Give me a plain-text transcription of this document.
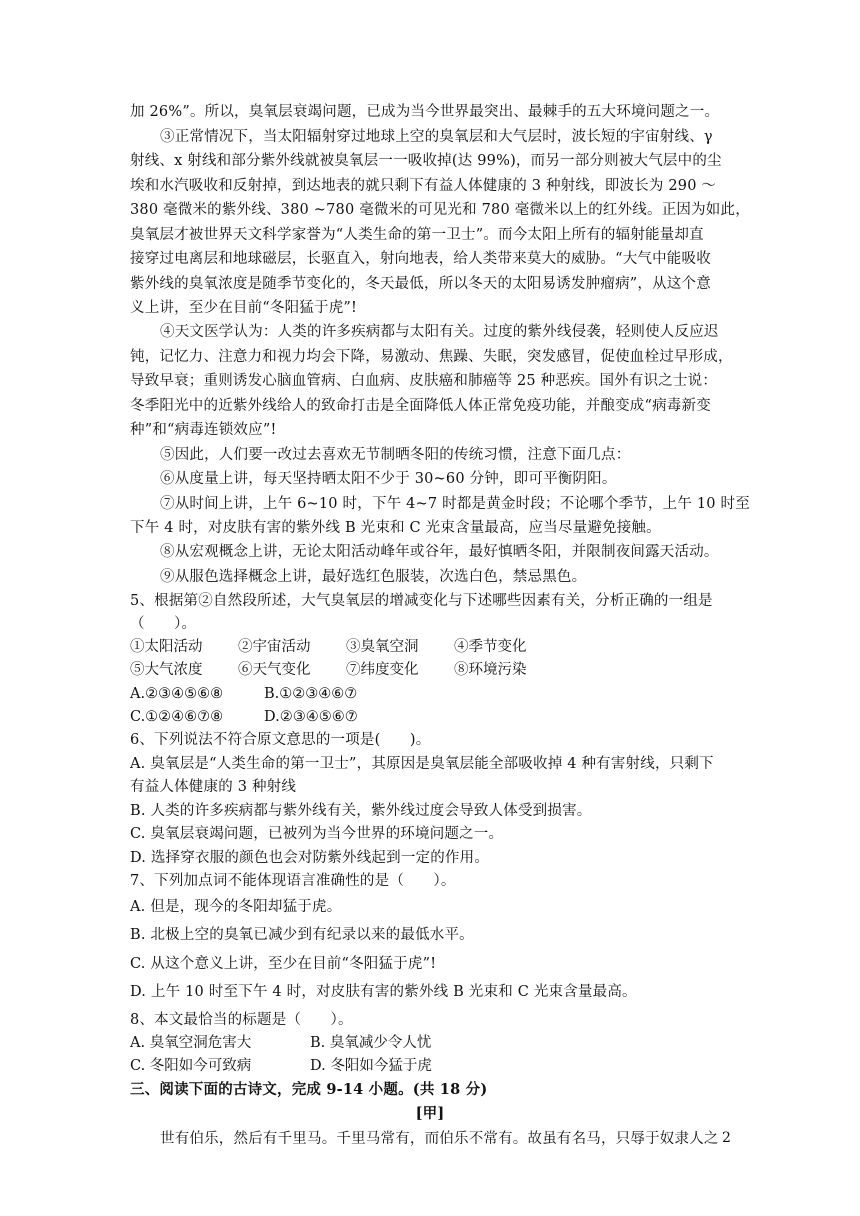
加 26%”。所以，臭氧层衰竭问题，已成为当今世界最突出、最棘手的五大环境问题之一。
③正常情况下，当太阳辐射穿过地球上空的臭氧层和大气层时，波长短的宇宙射线、γ
射线、x 射线和部分紫外线就被臭氧层一一吸收掉(达 99%)，而另一部分则被大气层中的尘
埃和水汽吸收和反射掉，到达地表的就只剩下有益人体健康的 3 种射线，即波长为 290 ～
380 毫微米的紫外线、380 ~780 毫微米的可见光和 780 毫微米以上的红外线。正因为如此，
臭氧层才被世界天文科学家誉为“人类生命的第一卫士”。而今太阳上所有的辐射能量却直
接穿过电离层和地球磁层，长驱直入，射向地表，给人类带来莫大的威胁。“大气中能吸收
紫外线的臭氧浓度是随季节变化的，冬天最低，所以冬天的太阳易诱发肿瘤病”，从这个意
义上讲，至少在目前“冬阳猛于虎”!
④天文医学认为：人类的许多疾病都与太阳有关。过度的紫外线侵袭，轻则使人反应迟
钝，记忆力、注意力和视力均会下降，易激动、焦躁、失眠，突发感冒，促使血栓过早形成，
导致早衰；重则诱发心脑血管病、白血病、皮肤癌和肺癌等 25 种恶疾。国外有识之士说：
冬季阳光中的近紫外线给人的致命打击是全面降低人体正常免疫功能，并酿变成“病毒新变
种”和“病毒连锁效应”!
⑤因此，人们要一改过去喜欢无节制晒冬阳的传统习惯，注意下面几点：
⑥从度量上讲，每天坚持晒太阳不少于 30~60 分钟，即可平衡阴阳。
⑦从时间上讲，上午 6~10 时，下午 4~7 时都是黄金时段；不论哪个季节，上午 10 时至
下午 4 时，对皮肤有害的紫外线 B 光束和 C 光束含量最高，应当尽量避免接触。
⑧从宏观概念上讲，无论太阳活动峰年或谷年，最好慎晒冬阳，并限制夜间露天活动。
⑨从服色选择概念上讲，最好选红色服装，次选白色，禁忌黑色。
5、根据第②自然段所述，大气臭氧层的增减变化与下述哪些因素有关，分析正确的一组是
（　　）。
①太阳活动 ②宇宙活动 ③臭氧空洞 ④季节变化
⑤大气浓度 ⑥天气变化 ⑦纬度变化 ⑧环境污染
A.②③④⑤⑥⑧	B.①②③④⑥⑦
C.①②④⑥⑦⑧	D.②③④⑤⑥⑦
6、下列说法不符合原文意思的一项是(　　)。
A. 臭氧层是“人类生命的第一卫士”，其原因是臭氧层能全部吸收掉 4 种有害射线，只剩下
有益人体健康的 3 种射线
B. 人类的许多疾病都与紫外线有关，紫外线过度会导致人体受到损害。
C. 臭氧层衰竭问题，已被列为当今世界的环境问题之一。
D. 选择穿衣服的颜色也会对防紫外线起到一定的作用。
7、下列加点词不能体现语言准确性的是（　　）。
A. 但是，现今的冬阳却猛于虎。
B. 北极上空的臭氧已减少到有纪录以来的最低水平。
C. 从这个意义上讲，至少在目前“冬阳猛于虎”!
D. 上午 10 时至下午 4 时，对皮肤有害的紫外线 B 光束和 C 光束含量最高。
8、本文最恰当的标题是（　　）。
A. 臭氧空洞危害大	B. 臭氧减少令人忧
C. 冬阳如今可致病	D. 冬阳如今猛于虎
三、阅读下面的古诗文，完成 9-14 小题。(共 18 分)
[甲]
世有伯乐，然后有千里马。千里马常有，而伯乐不常有。故虽有名马，只辱于奴隶人之 2
